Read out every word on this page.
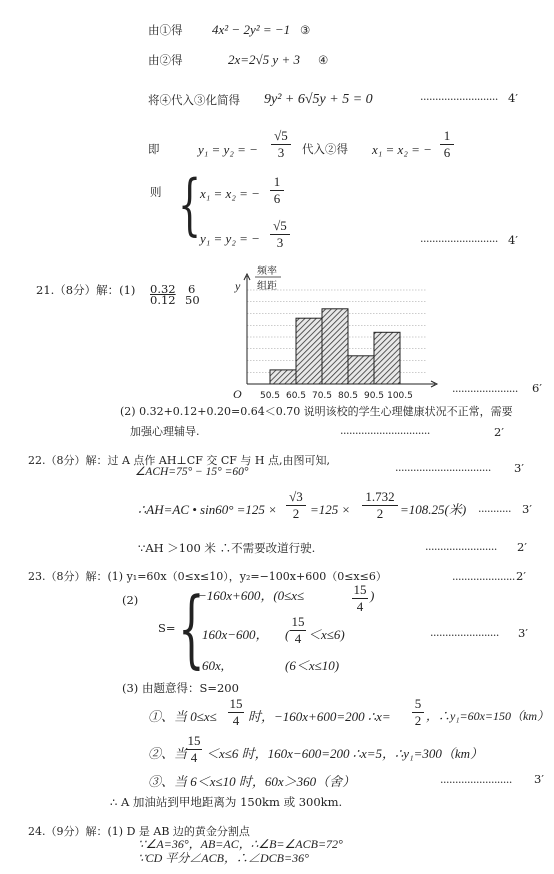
由①得 4x² − 2y² = −1 ③
由②得	2x=2√5 y + 3 ④
将④代入③化简得 9y² + 6√5y + 5 = 0	·························· 4′
即	y₁ = y₂ = − $\frac{√5}{3}$ 代入②得 x₁ = x₂ = − $\frac{1}{6}$
则 {
x₁ = x₂ = − $\frac{1}{6}$
y₁ = y₂ = − $\frac{√5}{3}$	·························· 4′
21.（8分）解：(1) 0.32 6
0.12 50
50.5 60.5 70.5 80.5 90.5 100.5
y
O
频率
组距
······················ 6′
(2) 0.32+0.12+0.20=0.64＜0.70 说明该校的学生心理健康状况不正常，需要
加强心理辅导.	······························	2′
22.（8分）解：过 A 点作 AH⊥CF 交 CF 与 H 点,由图可知,
∠ACH=75° − 15° =60°	································ 3′
∴AH=AC • $\sin 60^\circ =125 \times \frac{√3}{2} =125 \times \frac{1.732}{2} =108.25$(米) ··········· 3′
∵AH ＞100 米 ∴不需要改道行驶.	························ 2′
23.（8分）解：(1) y₁=60x（0≤x≤10），y₂=−100x+600（0≤x≤6）	····················· 2′
(2)
S= {
−160x+600，(0≤x≤	$\frac{15}{4}$ )
160x−600， ( $\frac{15}{4} <x\le 6$)	······················· 3′
60x,	(6＜x≤10)
(3) 由题意得：S=200
①、当 $0\le x\le \frac{15}{4}$ 时，−160x+600=200 ∴x= $\frac{5}{2}$ ，∴y₁=60x=150（km）
②、当
$\frac{15}{4} <x\le 6$ 时，160x−600=200 ∴x=5，∴y₁=300（km）
③、当 6＜x≤10 时，60x＞360（舍）	························ 3′
∴ A 加油站到甲地距离为 150km 或 300km.
24.（9分）解：(1) D 是 AB 边的黄金分割点
∵∠A=36°，AB=AC，∴∠B=∠ACB=72°
∵CD 平分∠ACB，∴∠DCB=36°
